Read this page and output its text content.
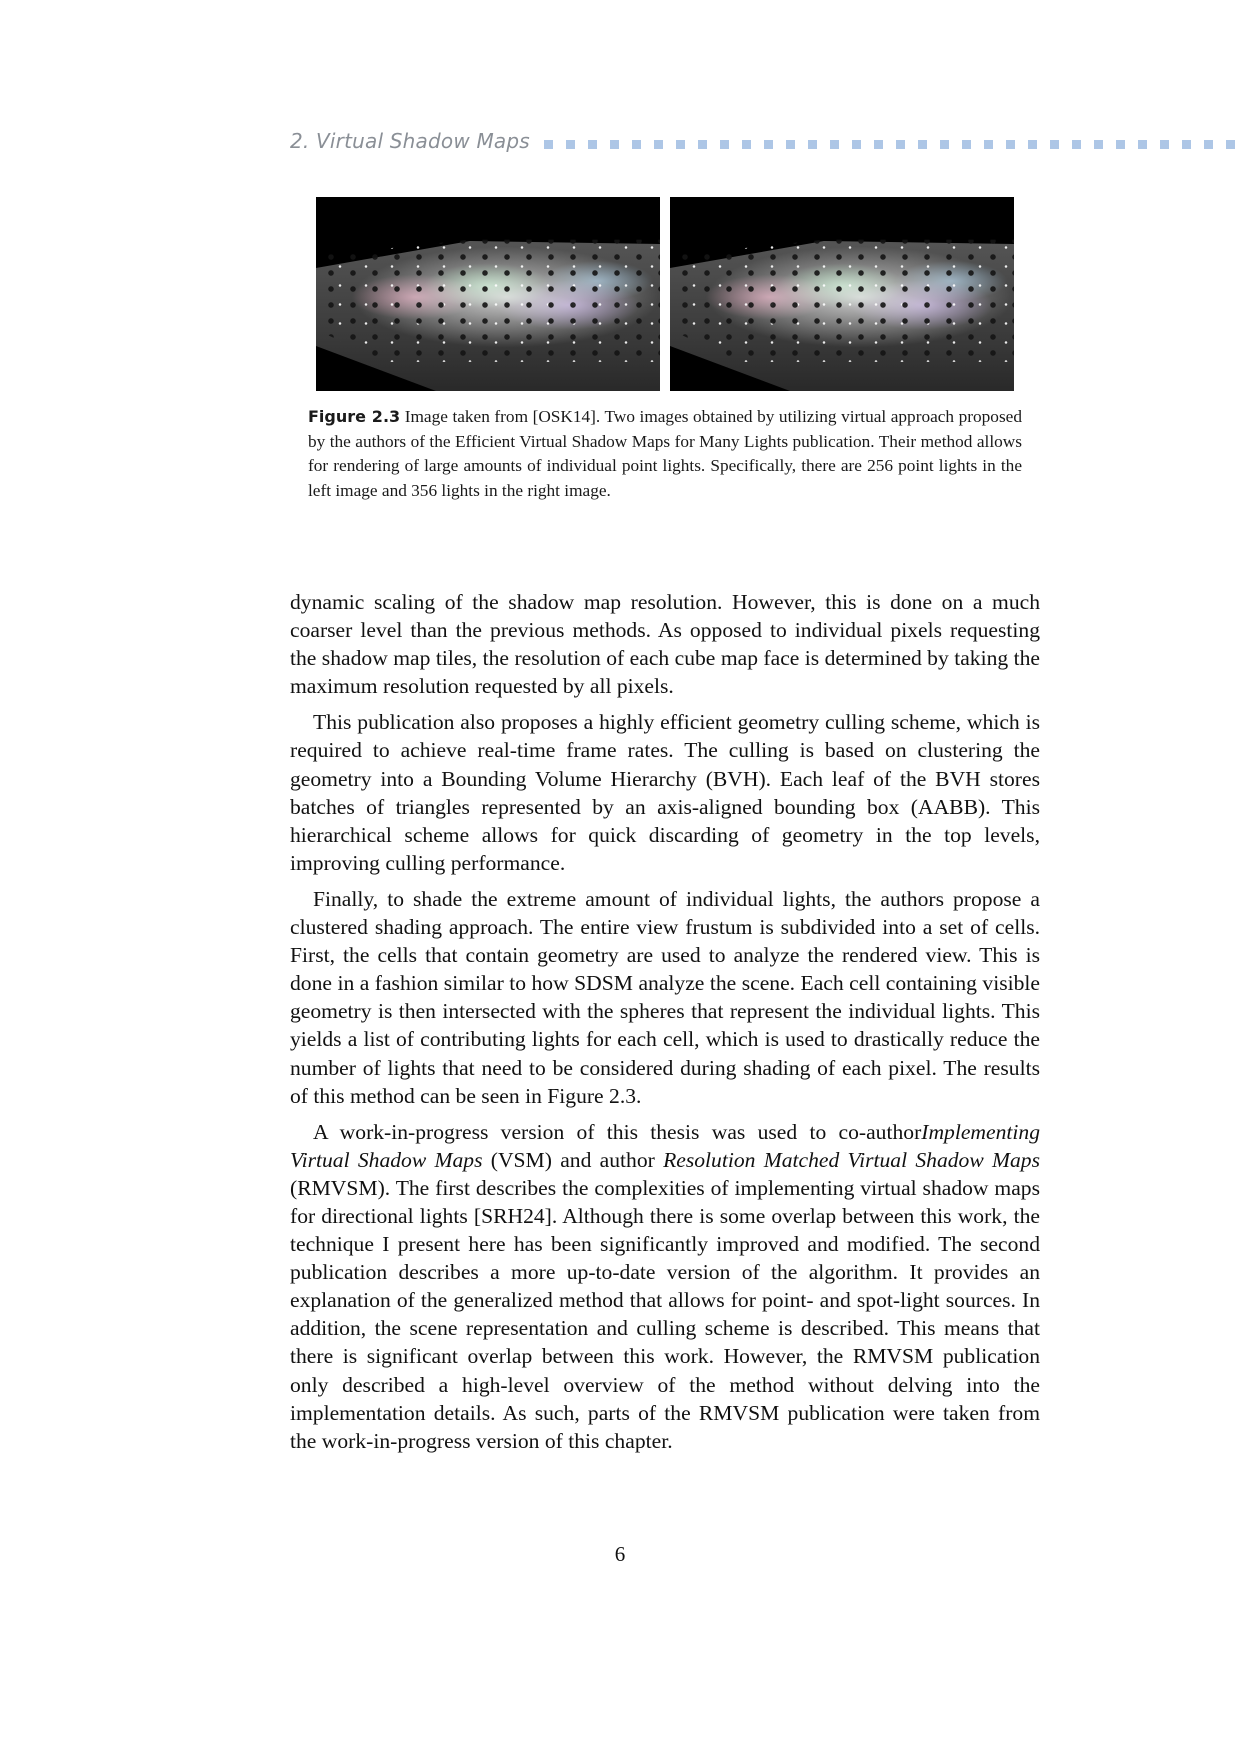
2. Virtual Shadow Maps
Figure 2.3 Image taken from [OSK14]. Two images obtained by utilizing virtual approach proposed by the authors of the Efficient Virtual Shadow Maps for Many Lights publication. Their method allows for rendering of large amounts of individual point lights. Specifically, there are 256 point lights in the left image and 356 lights in the right image.

dynamic scaling of the shadow map resolution. However, this is done on a much coarser level than the previous methods. As opposed to individual pixels requesting the shadow map tiles, the resolution of each cube map face is determined by taking the maximum resolution requested by all pixels.

This publication also proposes a highly efficient geometry culling scheme, which is required to achieve real-time frame rates. The culling is based on clustering the geometry into a Bounding Volume Hierarchy (BVH). Each leaf of the BVH stores batches of triangles represented by an axis-aligned bounding box (AABB). This hierarchical scheme allows for quick discarding of geometry in the top levels, improving culling performance.

Finally, to shade the extreme amount of individual lights, the authors propose a clustered shading approach. The entire view frustum is subdivided into a set of cells. First, the cells that contain geometry are used to analyze the rendered view. This is done in a fashion similar to how SDSM analyze the scene. Each cell containing visible geometry is then intersected with the spheres that represent the individual lights. This yields a list of contributing lights for each cell, which is used to drastically reduce the number of lights that need to be considered during shading of each pixel. The results of this method can be seen in Figure 2.3.

A work-in-progress version of this thesis was used to co-authorImplementing Virtual Shadow Maps (VSM) and author Resolution Matched Virtual Shadow Maps (RMVSM). The first describes the complexities of implementing virtual shadow maps for directional lights [SRH24]. Although there is some overlap between this work, the technique I present here has been significantly improved and modified. The second publication describes a more up-to-date version of the algorithm. It provides an explanation of the generalized method that allows for point- and spot-light sources. In addition, the scene representation and culling scheme is described. This means that there is significant overlap between this work. However, the RMVSM publication only described a high-level overview of the method without delving into the implementation details. As such, parts of the RMVSM publication were taken from the work-in-progress version of this chapter.

6
